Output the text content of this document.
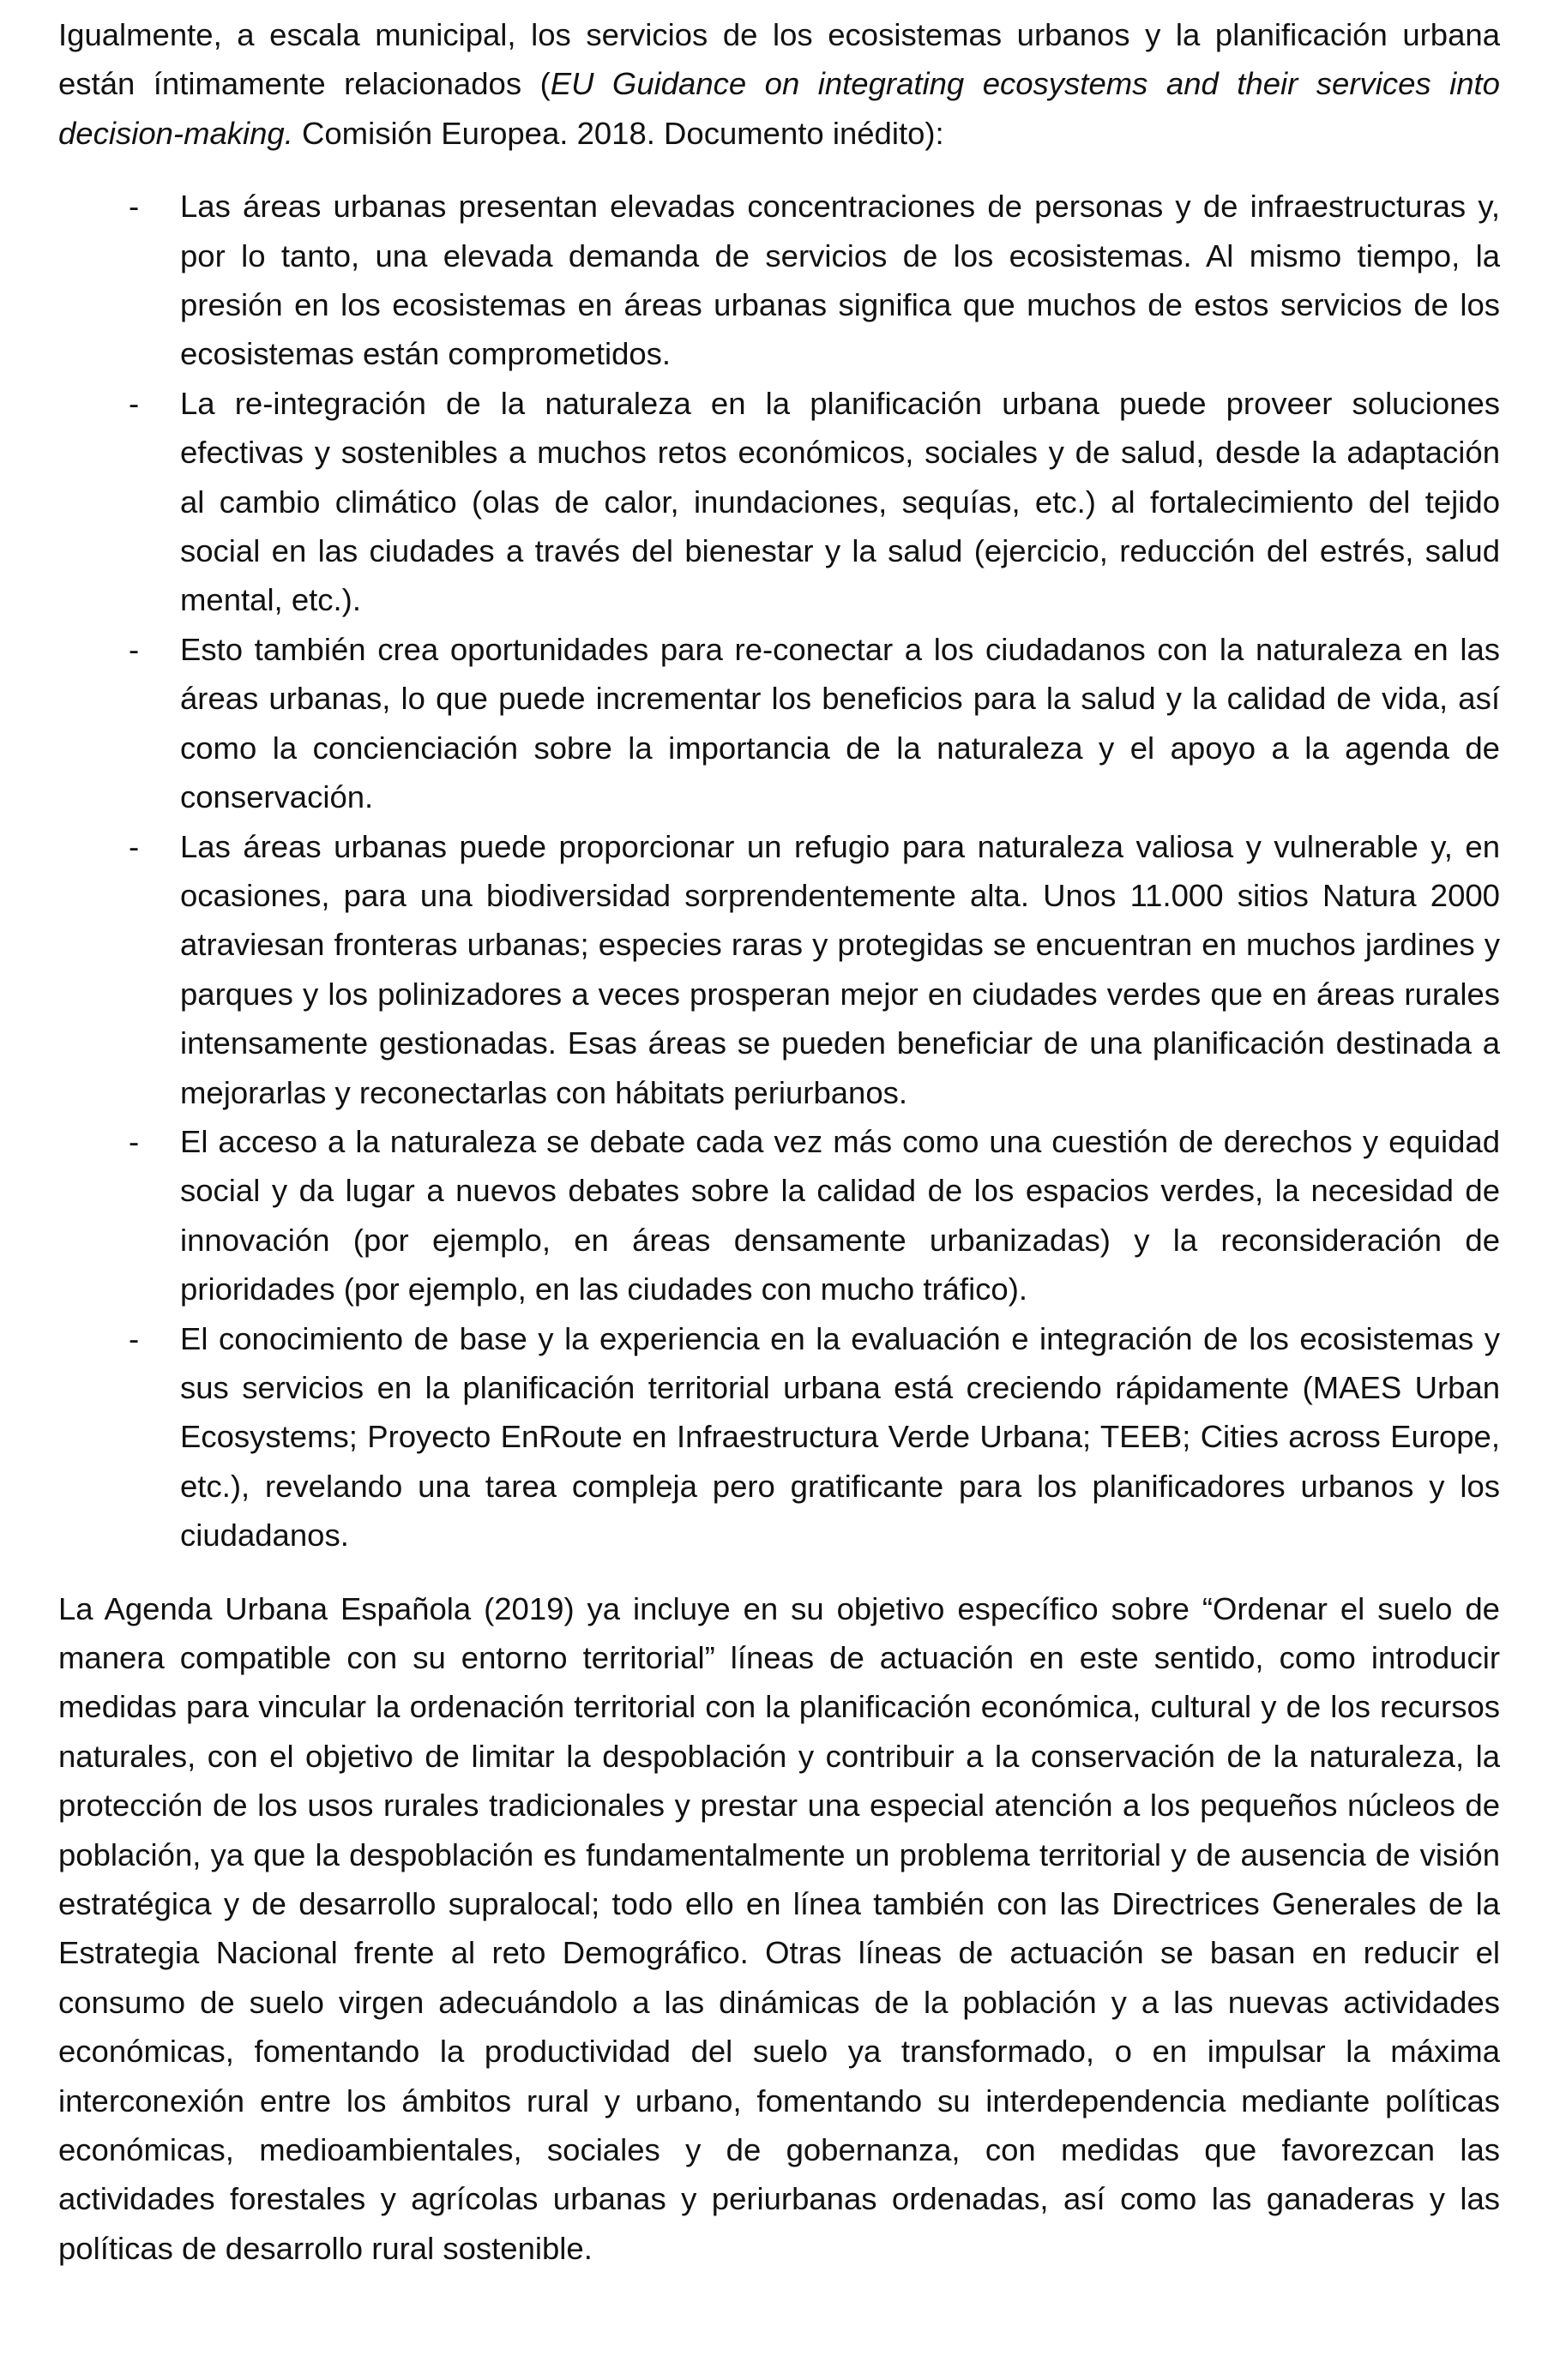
Igualmente, a escala municipal, los servicios de los ecosistemas urbanos y la planificación urbana están íntimamente relacionados (EU Guidance on integrating ecosystems and their services into decision-making. Comisión Europea. 2018. Documento inédito):

-	Las áreas urbanas presentan elevadas concentraciones de personas y de infraestructuras y, por lo tanto, una elevada demanda de servicios de los ecosistemas. Al mismo tiempo, la presión en los ecosistemas en áreas urbanas significa que muchos de estos servicios de los ecosistemas están comprometidos.
-	La re-integración de la naturaleza en la planificación urbana puede proveer soluciones efectivas y sostenibles a muchos retos económicos, sociales y de salud, desde la adaptación al cambio climático (olas de calor, inundaciones, sequías, etc.) al fortalecimiento del tejido social en las ciudades a través del bienestar y la salud (ejercicio, reducción del estrés, salud mental, etc.).
-	Esto también crea oportunidades para re-conectar a los ciudadanos con la naturaleza en las áreas urbanas, lo que puede incrementar los beneficios para la salud y la calidad de vida, así como la concienciación sobre la importancia de la naturaleza y el apoyo a la agenda de conservación.
-	Las áreas urbanas puede proporcionar un refugio para naturaleza valiosa y vulnerable y, en ocasiones, para una biodiversidad sorprendentemente alta. Unos 11.000 sitios Natura 2000 atraviesan fronteras urbanas; especies raras y protegidas se encuentran en muchos jardines y parques y los polinizadores a veces prosperan mejor en ciudades verdes que en áreas rurales intensamente gestionadas. Esas áreas se pueden beneficiar de una planificación destinada a mejorarlas y reconectarlas con hábitats periurbanos.
-	El acceso a la naturaleza se debate cada vez más como una cuestión de derechos y equidad social y da lugar a nuevos debates sobre la calidad de los espacios verdes, la necesidad de innovación (por ejemplo, en áreas densamente urbanizadas) y la reconsideración de prioridades (por ejemplo, en las ciudades con mucho tráfico).
-	El conocimiento de base y la experiencia en la evaluación e integración de los ecosistemas y sus servicios en la planificación territorial urbana está creciendo rápidamente (MAES Urban Ecosystems; Proyecto EnRoute en Infraestructura Verde Urbana; TEEB; Cities across Europe, etc.), revelando una tarea compleja pero gratificante para los planificadores urbanos y los ciudadanos.

La Agenda Urbana Española (2019) ya incluye en su objetivo específico sobre “Ordenar el suelo de manera compatible con su entorno territorial” líneas de actuación en este sentido, como introducir medidas para vincular la ordenación territorial con la planificación económica, cultural y de los recursos naturales, con el objetivo de limitar la despoblación y contribuir a la conservación de la naturaleza, la protección de los usos rurales tradicionales y prestar una especial atención a los pequeños núcleos de población, ya que la despoblación es fundamentalmente un problema territorial y de ausencia de visión estratégica y de desarrollo supralocal; todo ello en línea también con las Directrices Generales de la Estrategia Nacional frente al reto Demográfico. Otras líneas de actuación se basan en reducir el consumo de suelo virgen adecuándolo a las dinámicas de la población y a las nuevas actividades económicas, fomentando la productividad del suelo ya transformado, o en impulsar la máxima interconexión entre los ámbitos rural y urbano, fomentando su interdependencia mediante políticas económicas, medioambientales, sociales y de gobernanza, con medidas que favorezcan las actividades forestales y agrícolas urbanas y periurbanas ordenadas, así como las ganaderas y las políticas de desarrollo rural sostenible.
